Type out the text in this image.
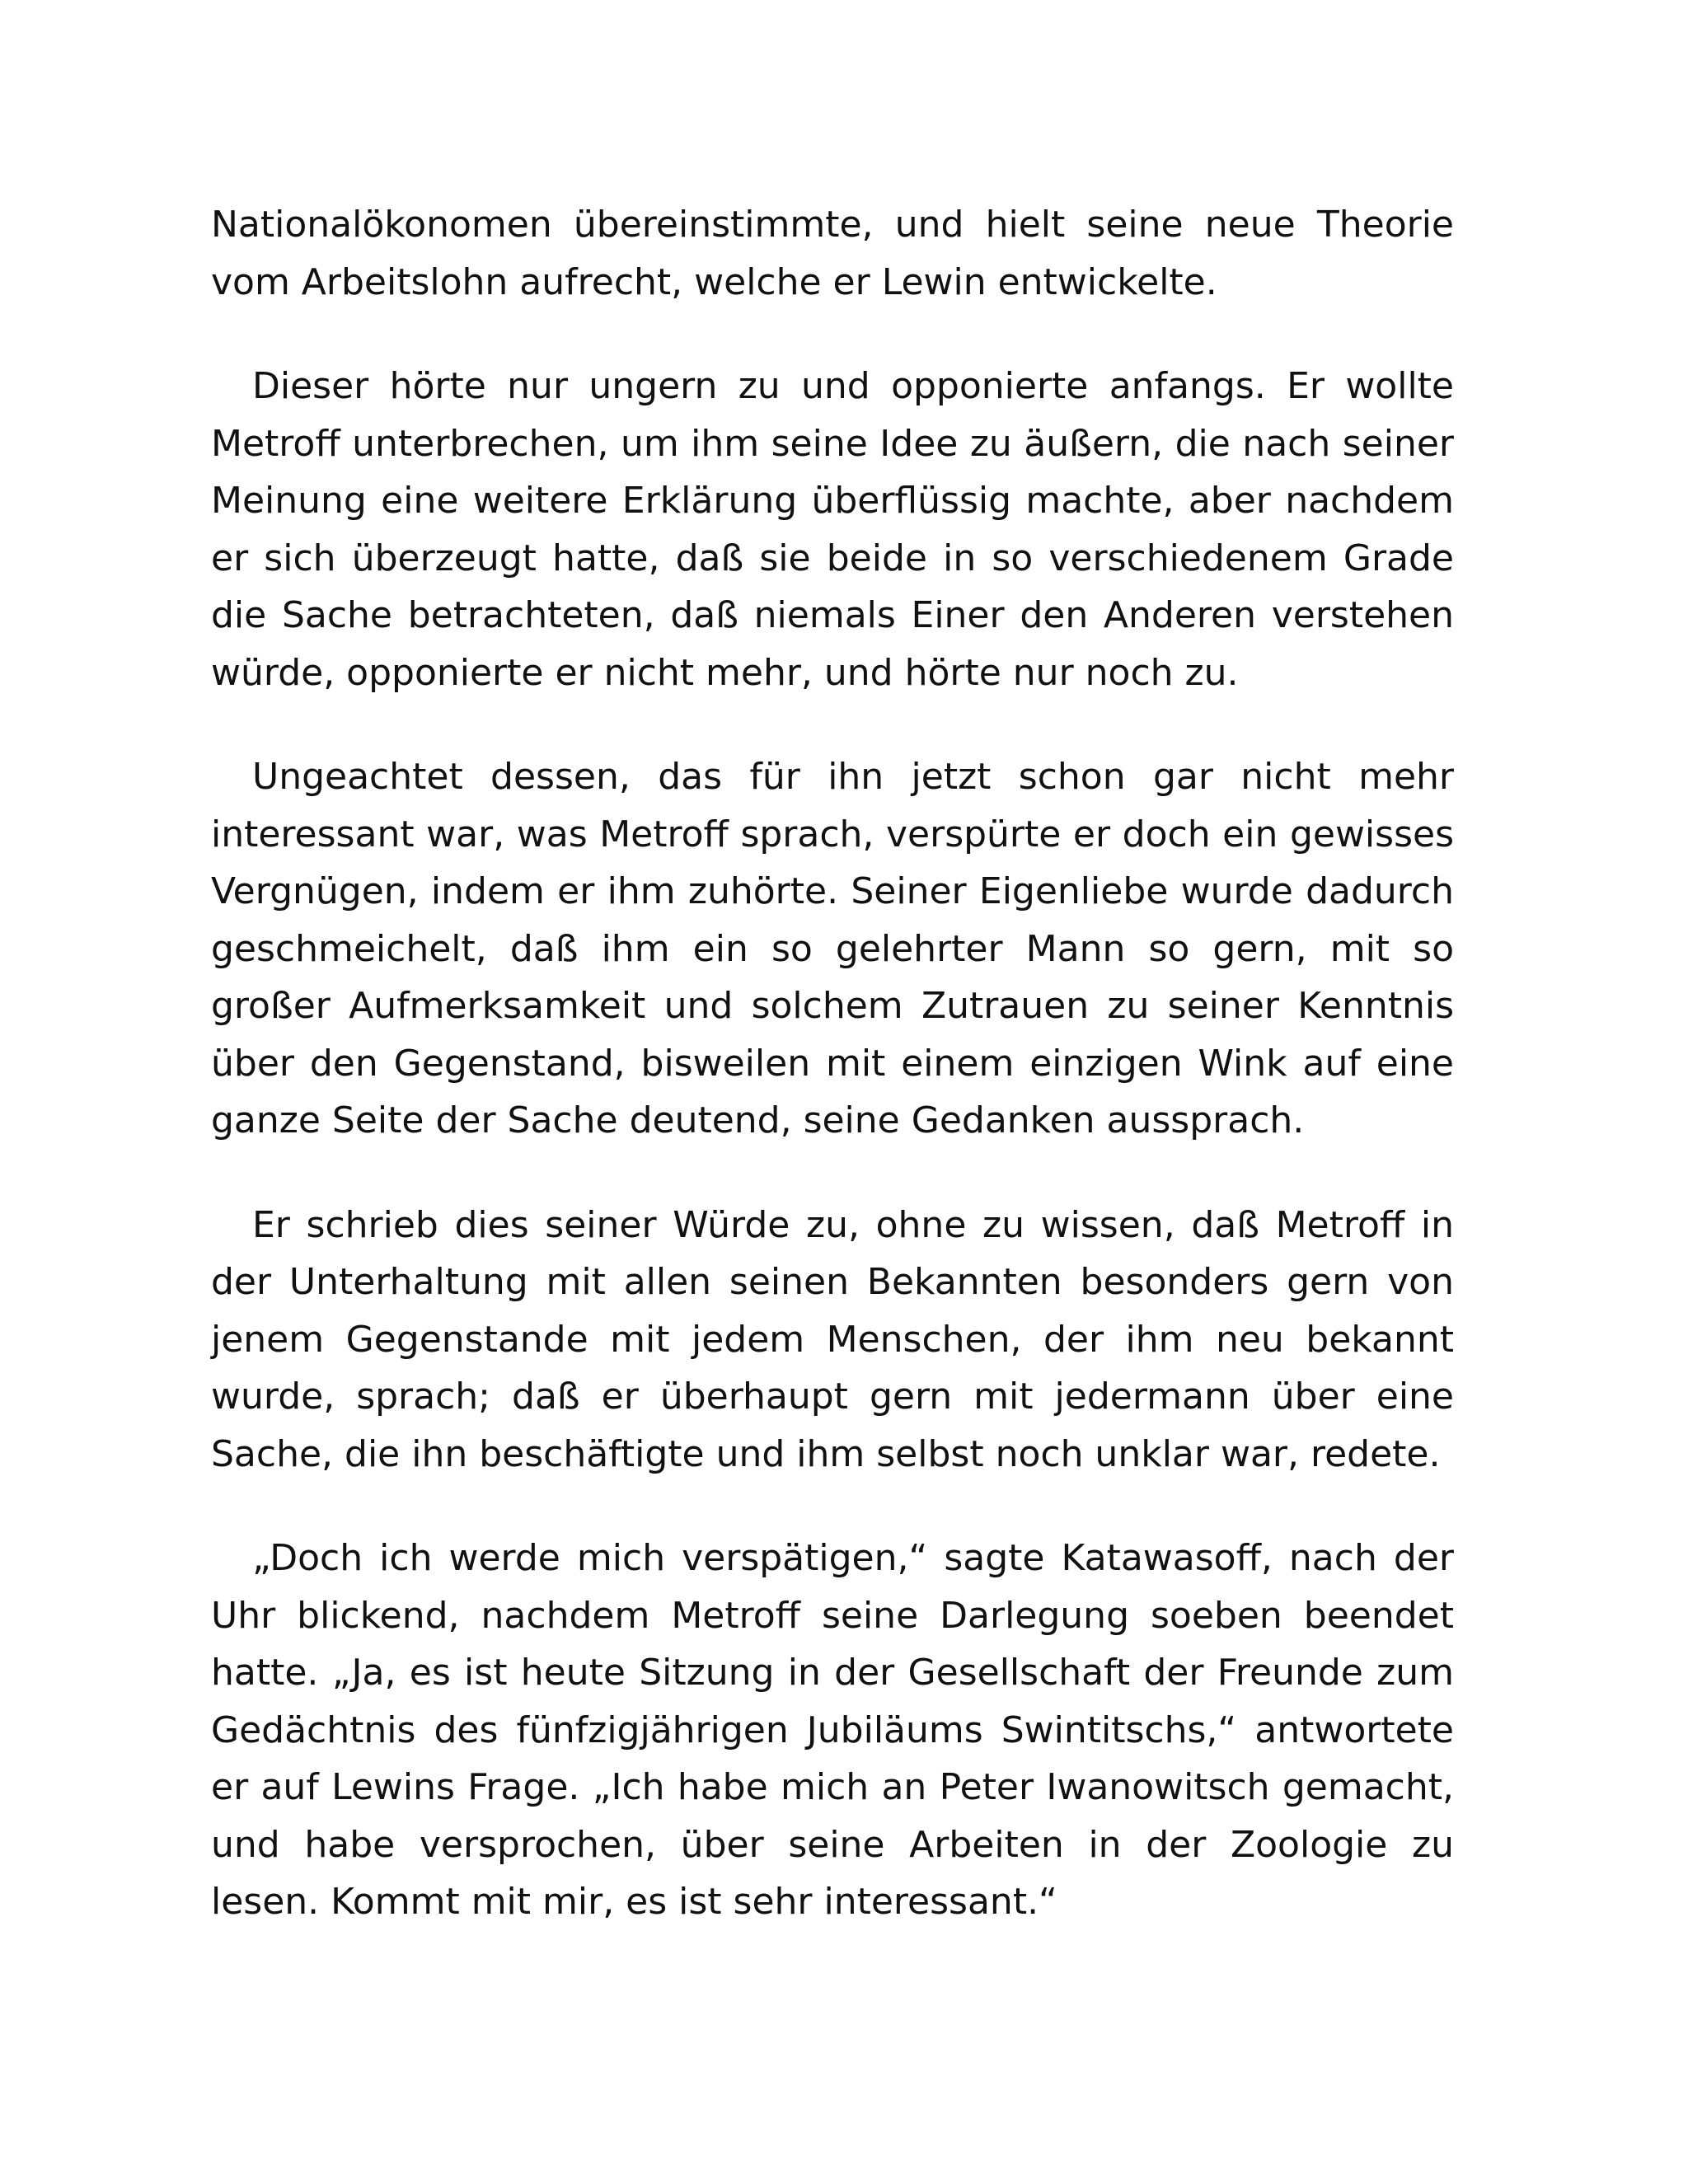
Nationalökonomen übereinstimmte, und hielt seine neue Theorie vom Arbeitslohn aufrecht, welche er Lewin entwickelte.

Dieser hörte nur ungern zu und opponierte anfangs. Er wollte Metroff unterbrechen, um ihm seine Idee zu äußern, die nach seiner Meinung eine weitere Erklärung überflüssig machte, aber nachdem er sich überzeugt hatte, daß sie beide in so verschiedenem Grade die Sache betrachteten, daß niemals Einer den Anderen verstehen würde, opponierte er nicht mehr, und hörte nur noch zu.

Ungeachtet dessen, das für ihn jetzt schon gar nicht mehr interessant war, was Metroff sprach, verspürte er doch ein gewisses Vergnügen, indem er ihm zuhörte. Seiner Eigenliebe wurde dadurch geschmeichelt, daß ihm ein so gelehrter Mann so gern, mit so großer Aufmerksamkeit und solchem Zutrauen zu seiner Kenntnis über den Gegenstand, bisweilen mit einem einzigen Wink auf eine ganze Seite der Sache deutend, seine Gedanken aussprach.

Er schrieb dies seiner Würde zu, ohne zu wissen, daß Metroff in der Unterhaltung mit allen seinen Bekannten besonders gern von jenem Gegenstande mit jedem Menschen, der ihm neu bekannt wurde, sprach; daß er überhaupt gern mit jedermann über eine Sache, die ihn beschäftigte und ihm selbst noch unklar war, redete.

„Doch ich werde mich verspätigen,“ sagte Katawasoff, nach der Uhr blickend, nachdem Metroff seine Darlegung soeben beendet hatte. „Ja, es ist heute Sitzung in der Gesellschaft der Freunde zum Gedächtnis des fünfzigjährigen Jubiläums Swintitschs,“ antwortete er auf Lewins Frage. „Ich habe mich an Peter Iwanowitsch gemacht, und habe versprochen, über seine Arbeiten in der Zoologie zu lesen. Kommt mit mir, es ist sehr interessant.“
